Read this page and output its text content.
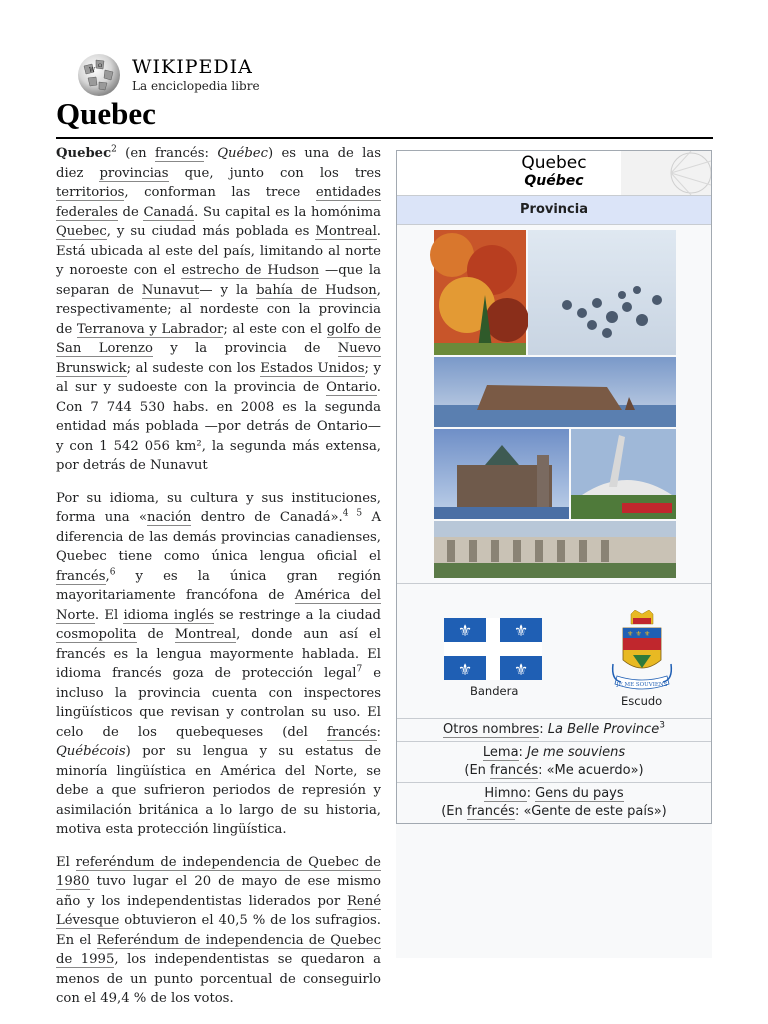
W
Ω WIKIPEDIA
La enciclopedia libre
Quebec

Quebec$^2$ (en francés: Québec) es una de las diez provincias que, junto con los tres territorios, conforman las trece entidades federales de Canadá. Su capital es la homónima Quebec, y su ciudad más poblada es Montreal. Está ubicada al este del país, limitando al norte y noroeste con el estrecho de Hudson —que la separan de Nunavut— y la bahía de Hudson, respectivamente; al nordeste con la provincia de Terranova y Labrador; al este con el golfo de San Lorenzo y la provincia de Nuevo Brunswick; al sudeste con los Estados Unidos; y al sur y sudoeste con la provincia de Ontario. Con 7 744 530 habs. en 2008 es la segunda entidad más poblada —por detrás de Ontario— y con 1 542 056 km², la segunda más extensa, por detrás de Nunavut

Por su idioma, su cultura y sus instituciones, forma una «nación dentro de Canadá».$^{4 5}$ A diferencia de las demás provincias canadienses, Quebec tiene como única lengua oficial el francés,$^6$ y es la única gran región mayoritariamente francófona de América del Norte. El idioma inglés se restringe a la ciudad cosmopolita de Montreal, donde aun así el francés es la lengua mayormente hablada. El idioma francés goza de protección legal$^7$ e incluso la provincia cuenta con inspectores lingüísticos que revisan y controlan su uso. El celo de los quebequeses (del francés: Québécois) por su lengua y su estatus de minoría lingüística en América del Norte, se debe a que sufrieron periodos de represión y asimilación británica a lo largo de su historia, motiva esta protección lingüística.

El referéndum de independencia de Quebec de 1980 tuvo lugar el 20 de mayo de ese mismo año y los independentistas liderados por René Lévesque obtuvieron el 40,5 % de los sufragios. En el Referéndum de independencia de Quebec de 1995, los independentistas se quedaron a menos de un punto porcentual de conseguirlo con el 49,4 % de los votos.

Quebec
Québec
Provincia
⚜	⚜
⚜	⚜
Bandera
⚜ ⚜ ⚜
JE ME SOUVIENS
Escudo
Otros nombres: La Belle Province$^3$
Lema: Je me souviens
(En francés: «Me acuerdo»)
Himno: Gens du pays
(En francés: «Gente de este país»)
